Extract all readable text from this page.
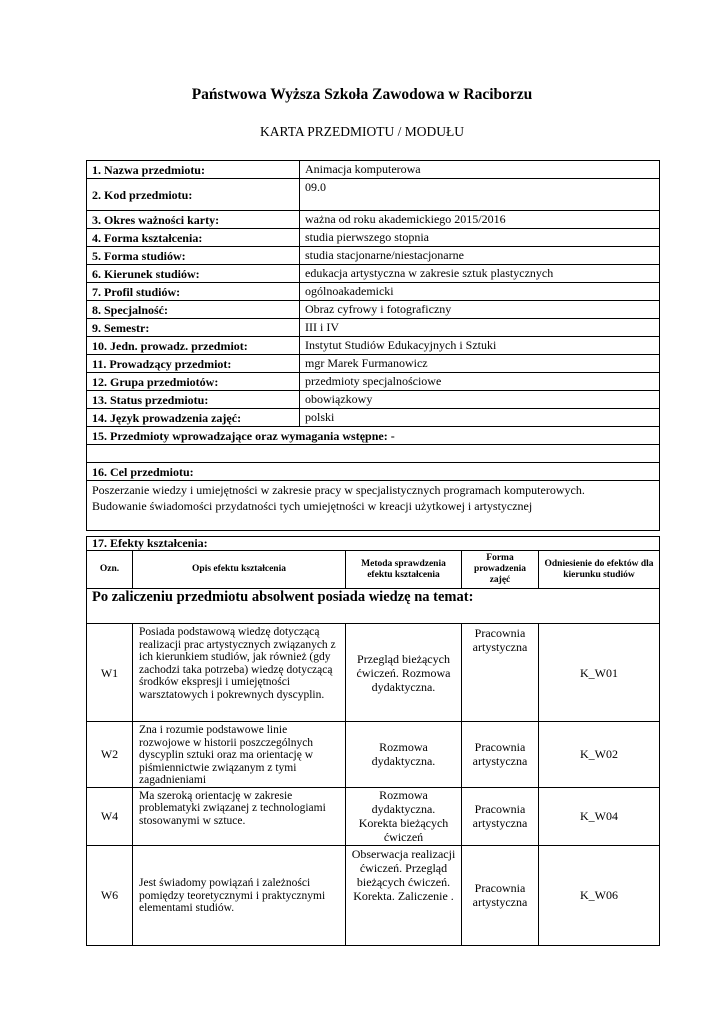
Państwowa Wyższa Szkoła Zawodowa w Raciborzu
KARTA PRZEDMIOTU / MODUŁU
1. Nazwa przedmiotu:	Animacja komputerowa
2. Kod przedmiotu:	09.0
3. Okres ważności karty:	ważna od roku akademickiego 2015/2016
4. Forma kształcenia:	studia pierwszego stopnia
5. Forma studiów:	studia stacjonarne/niestacjonarne
6. Kierunek studiów:	edukacja artystyczna w zakresie sztuk plastycznych
7. Profil studiów:	ogólnoakademicki
8. Specjalność:	Obraz cyfrowy i fotograficzny
9. Semestr:	III i IV
10. Jedn. prowadz. przedmiot:	Instytut Studiów Edukacyjnych i Sztuki
11. Prowadzący przedmiot:	mgr Marek Furmanowicz
12. Grupa przedmiotów:	przedmioty specjalnościowe
13. Status przedmiotu:	obowiązkowy
14. Język prowadzenia zajęć:	polski
15. Przedmioty wprowadzające oraz wymagania wstępne: -	

16. Cel przedmiotu:	

Poszerzanie wiedzy i umiejętności w zakresie pracy w specjalistycznych programach komputerowych.
Budowanie świadomości przydatności tych umiejętności w kreacji użytkowej i artystycznej	
17. Efekty kształcenia:				
Ozn.	Opis efektu kształcenia	Metoda sprawdzenia efektu kształcenia	Forma prowadzenia zajęć	Odniesienie do efektów dla kierunku studiów
Po zaliczeniu przedmiotu absolwent posiada wiedzę na temat:				
W1	Posiada podstawową wiedzę dotyczącą realizacji prac artystycznych związanych z ich kierunkiem studiów, jak również (gdy zachodzi taka potrzeba) wiedzę dotyczącą środków ekspresji i umiejętności warsztatowych i pokrewnych dyscyplin.	Przegląd bieżących ćwiczeń. Rozmowa dydaktyczna.	Pracownia artystyczna	K_W01
W2	Zna i rozumie podstawowe linie rozwojowe w historii poszczególnych dyscyplin sztuki oraz ma orientację w piśmiennictwie związanym z tymi zagadnieniami	Rozmowa dydaktyczna.	Pracownia artystyczna	K_W02
W4	Ma szeroką orientację w zakresie problematyki związanej z technologiami stosowanymi w sztuce.	Rozmowa dydaktyczna. Korekta bieżących ćwiczeń	Pracownia artystyczna	K_W04
W6	Jest świadomy powiązań i zależności pomiędzy teoretycznymi i praktycznymi elementami studiów.	Obserwacja realizacji ćwiczeń. Przegląd bieżących ćwiczeń. Korekta. Zaliczenie .	Pracownia artystyczna	K_W06
